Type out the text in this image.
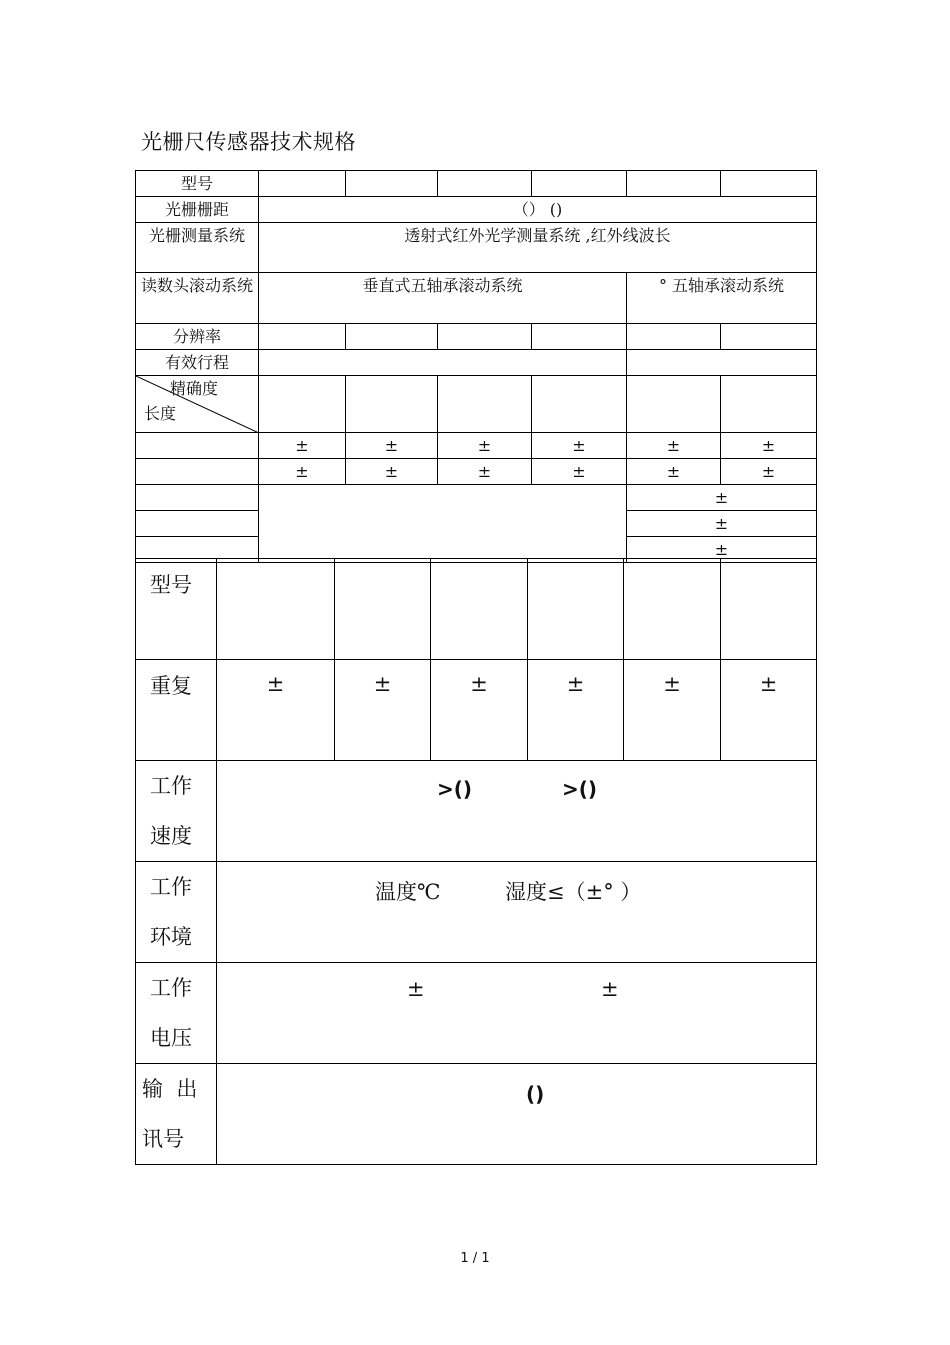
光栅尺传感器技术规格
型号						
光栅栅距	（） ()					
光栅测量系统	透射式红外光学测量系统 ,红外线波长					
读数头滚动系统	垂直式五轴承滚动系统				° 五轴承滚动系统	
分辨率						
有效行程						

精确度
长度						

	±	±	±	±	±	±
	±	±	±	±	±	±
					±	
					±	
					±	
型号						
重复	±	±	±	±	±	±

工作
速度	>() >()					

工作
环境	温度℃ 湿度≤（±° ）					

工作
电压	± ±					

输  出
讯号	()					
1 / 1
